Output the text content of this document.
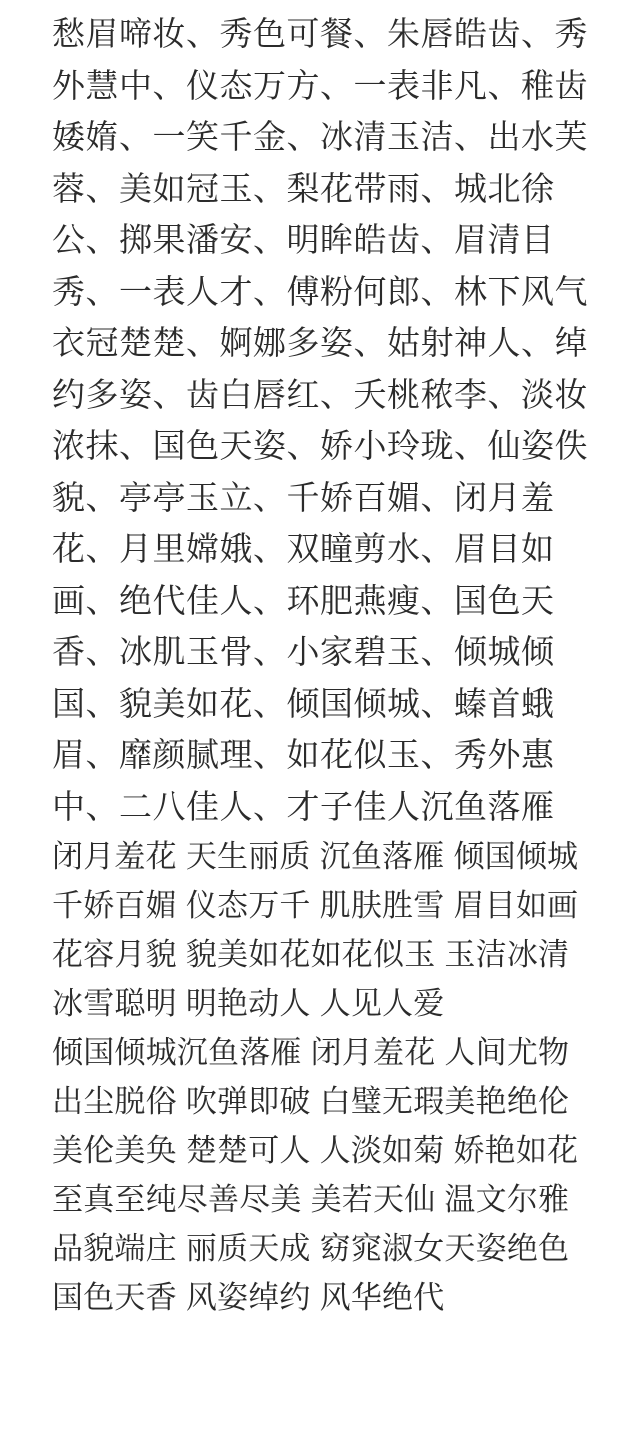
愁眉啼妆、秀色可餐、朱唇皓齿、秀外慧中、仪态万方、一表非凡、稚齿婑媠、一笑千金、冰清玉洁、出水芙蓉、美如冠玉、梨花带雨、城北徐公、掷果潘安、明眸皓齿、眉清目秀、一表人才、傅粉何郎、林下风气衣冠楚楚、婀娜多姿、姑射神人、绰约多姿、齿白唇红、夭桃秾李、淡妆浓抹、国色天姿、娇小玲珑、仙姿佚貌、亭亭玉立、千娇百媚、闭月羞花、月里嫦娥、双瞳剪水、眉目如画、绝代佳人、环肥燕瘦、国色天香、冰肌玉骨、小家碧玉、倾城倾国、貌美如花、倾国倾城、螓首蛾眉、靡颜腻理、如花似玉、秀外惠中、二八佳人、才子佳人沉鱼落雁
闭月羞花 天生丽质 沉鱼落雁 倾国倾城 千娇百媚 仪态万千 肌肤胜雪 眉目如画 花容月貌 貌美如花如花似玉 玉洁冰清 冰雪聪明 明艳动人 人见人爱 倾国倾城沉鱼落雁 闭月羞花 人间尤物 出尘脱俗 吹弹即破 白璧无瑕美艳绝伦 美伦美奂 楚楚可人 人淡如菊 娇艳如花 至真至纯尽善尽美 美若天仙 温文尔雅 品貌端庄 丽质天成 窈窕淑女天姿绝色 国色天香 风姿绰约 风华绝代
